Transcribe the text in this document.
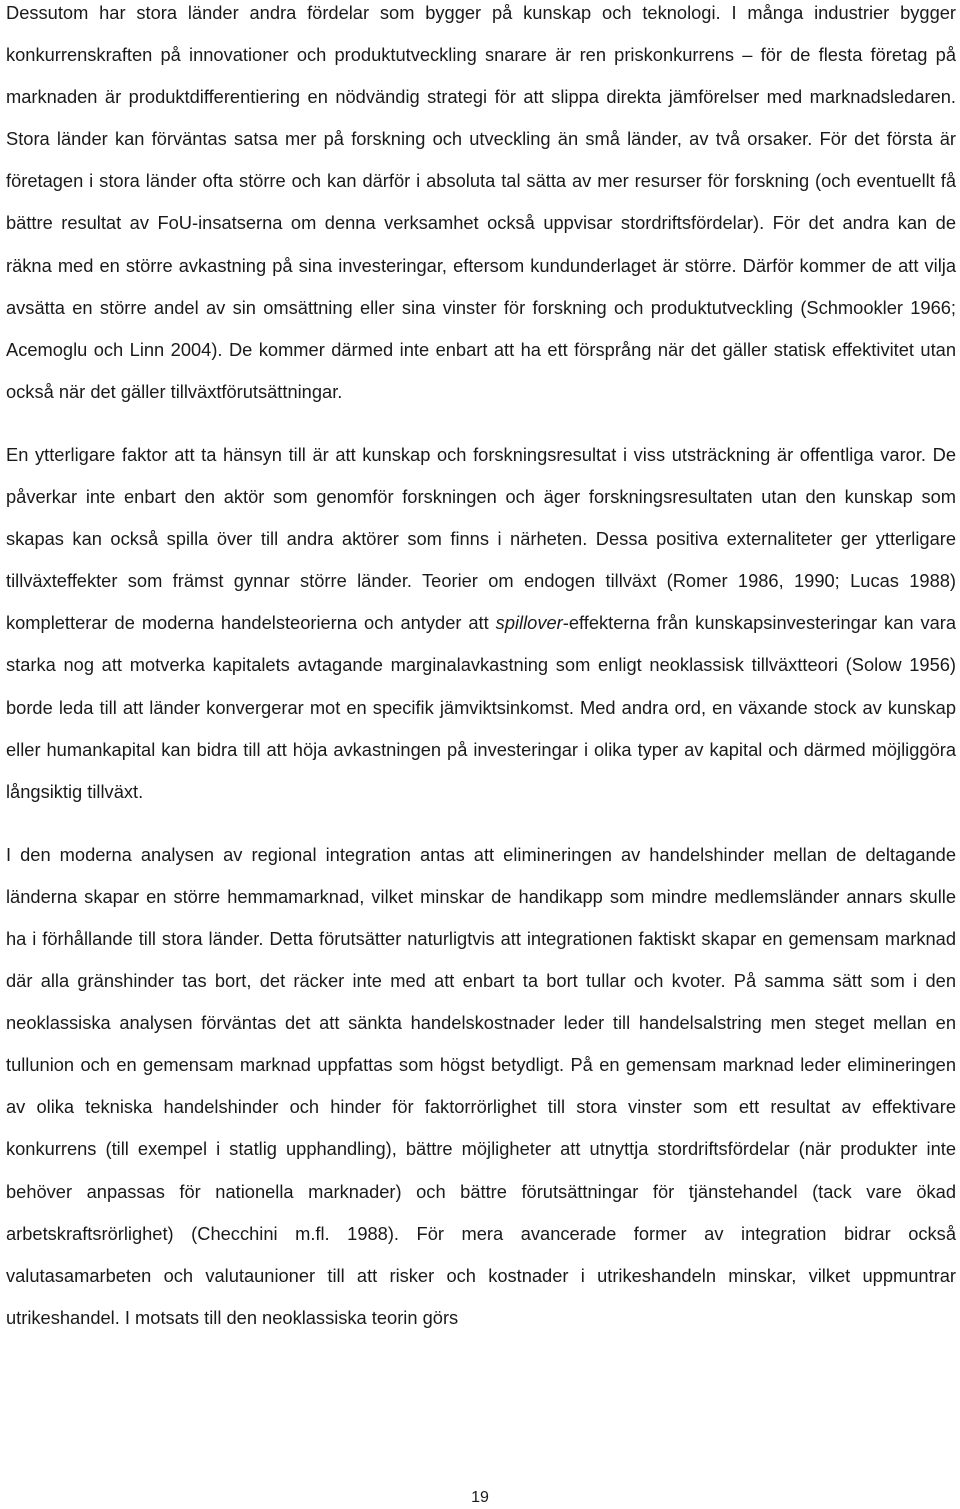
Dessutom har stora länder andra fördelar som bygger på kunskap och teknologi. I många industrier bygger konkurrenskraften på innovationer och produktutveckling snarare är ren priskonkurrens – för de flesta företag på marknaden är produktdifferentiering en nödvändig strategi för att slippa direkta jämförelser med marknadsledaren. Stora länder kan förväntas satsa mer på forskning och utveckling än små länder, av två orsaker. För det första är företagen i stora länder ofta större och kan därför i absoluta tal sätta av mer resurser för forskning (och eventuellt få bättre resultat av FoU-insatserna om denna verksamhet också uppvisar stordriftsfördelar). För det andra kan de räkna med en större avkastning på sina investeringar, eftersom kundunderlaget är större. Därför kommer de att vilja avsätta en större andel av sin omsättning eller sina vinster för forskning och produktutveckling (Schmookler 1966; Acemoglu och Linn 2004). De kommer därmed inte enbart att ha ett försprång när det gäller statisk effektivitet utan också när det gäller tillväxtförutsättningar.

En ytterligare faktor att ta hänsyn till är att kunskap och forskningsresultat i viss utsträckning är offentliga varor. De påverkar inte enbart den aktör som genomför forskningen och äger forskningsresultaten utan den kunskap som skapas kan också spilla över till andra aktörer som finns i närheten. Dessa positiva externaliteter ger ytterligare tillväxteffekter som främst gynnar större länder. Teorier om endogen tillväxt (Romer 1986, 1990; Lucas 1988) kompletterar de moderna handelsteorierna och antyder att spillover-effekterna från kunskapsinvesteringar kan vara starka nog att motverka kapitalets avtagande marginalavkastning som enligt neoklassisk tillväxtteori (Solow 1956) borde leda till att länder konvergerar mot en specifik jämviktsinkomst. Med andra ord, en växande stock av kunskap eller humankapital kan bidra till att höja avkastningen på investeringar i olika typer av kapital och därmed möjliggöra långsiktig tillväxt.

I den moderna analysen av regional integration antas att elimineringen av handelshinder mellan de deltagande länderna skapar en större hemmamarknad, vilket minskar de handikapp som mindre medlemsländer annars skulle ha i förhållande till stora länder. Detta förutsätter naturligtvis att integrationen faktiskt skapar en gemensam marknad där alla gränshinder tas bort, det räcker inte med att enbart ta bort tullar och kvoter. På samma sätt som i den neoklassiska analysen förväntas det att sänkta handelskostnader leder till handelsalstring men steget mellan en tullunion och en gemensam marknad uppfattas som högst betydligt. På en gemensam marknad leder elimineringen av olika tekniska handelshinder och hinder för faktorrörlighet till stora vinster som ett resultat av effektivare konkurrens (till exempel i statlig upphandling), bättre möjligheter att utnyttja stordriftsfördelar (när produkter inte behöver anpassas för nationella marknader) och bättre förutsättningar för tjänstehandel (tack vare ökad arbetskraftsrörlighet) (Checchini m.fl. 1988). För mera avancerade former av integration bidrar också valutasamarbeten och valutaunioner till att risker och kostnader i utrikeshandeln minskar, vilket uppmuntrar utrikeshandel. I motsats till den neoklassiska teorin görs

19
